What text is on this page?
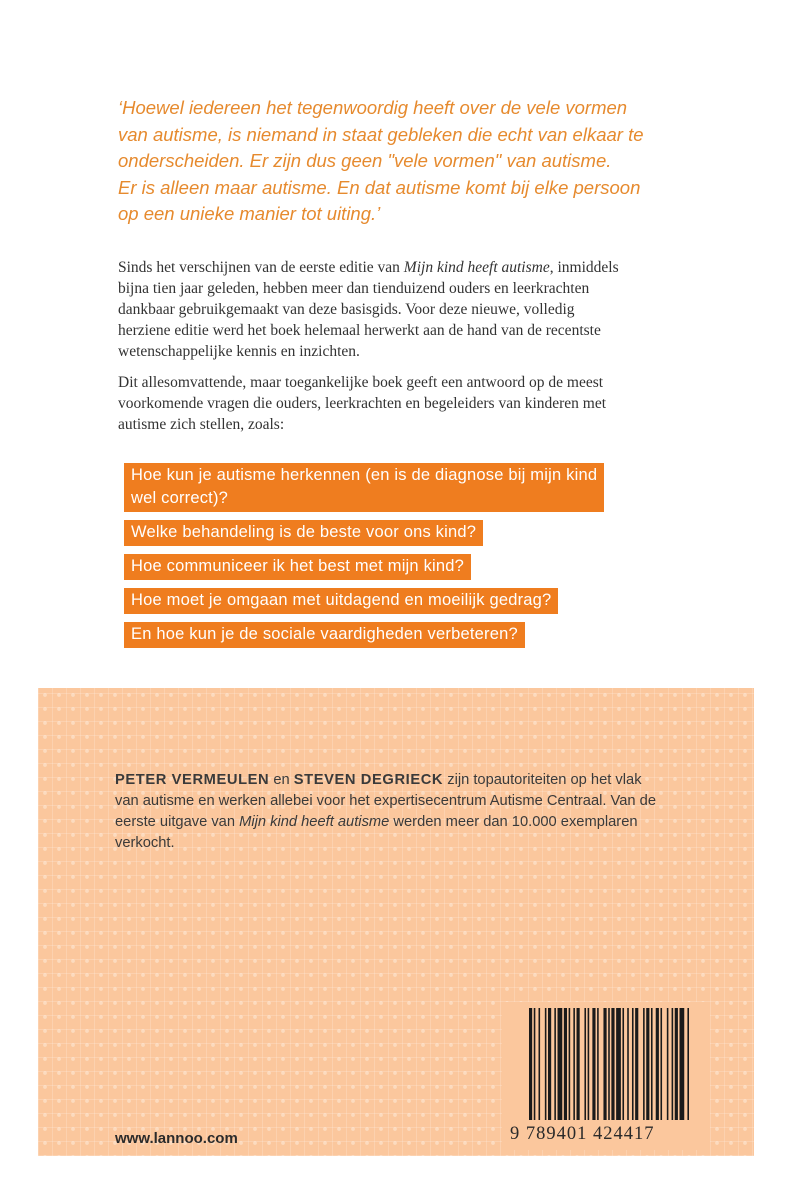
‘Hoewel iedereen het tegenwoordig heeft over de vele vormen
van autisme, is niemand in staat gebleken die echt van elkaar te
onderscheiden. Er zijn dus geen "vele vormen" van autisme.
Er is alleen maar autisme. En dat autisme komt bij elke persoon
op een unieke manier tot uiting.’

Sinds het verschijnen van de eerste editie van Mijn kind heeft autisme, inmiddels
bijna tien jaar geleden, hebben meer dan tienduizend ouders en leerkrachten
dankbaar gebruikgemaakt van deze basisgids. Voor deze nieuwe, volledig
herziene editie werd het boek helemaal herwerkt aan de hand van de recentste
wetenschappelijke kennis en inzichten.

Dit allesomvattende, maar toegankelijke boek geeft een antwoord op de meest
voorkomende vragen die ouders, leerkrachten en begeleiders van kinderen met
autisme zich stellen, zoals:

Hoe kun je autisme herkennen (en is de diagnose bij mijn kind
wel correct)?
Welke behandeling is de beste voor ons kind?
Hoe communiceer ik het best met mijn kind?
Hoe moet je omgaan met uitdagend en moeilijk gedrag?
En hoe kun je de sociale vaardigheden verbeteren?

PETER VERMEULEN en STEVEN DEGRIECK zijn topautoriteiten op het vlak
van autisme en werken allebei voor het expertisecentrum Autisme Centraal. Van de
eerste uitgave van Mijn kind heeft autisme werden meer dan 10.000 exemplaren
verkocht.

www.lannoo.com	9 789401 424417
